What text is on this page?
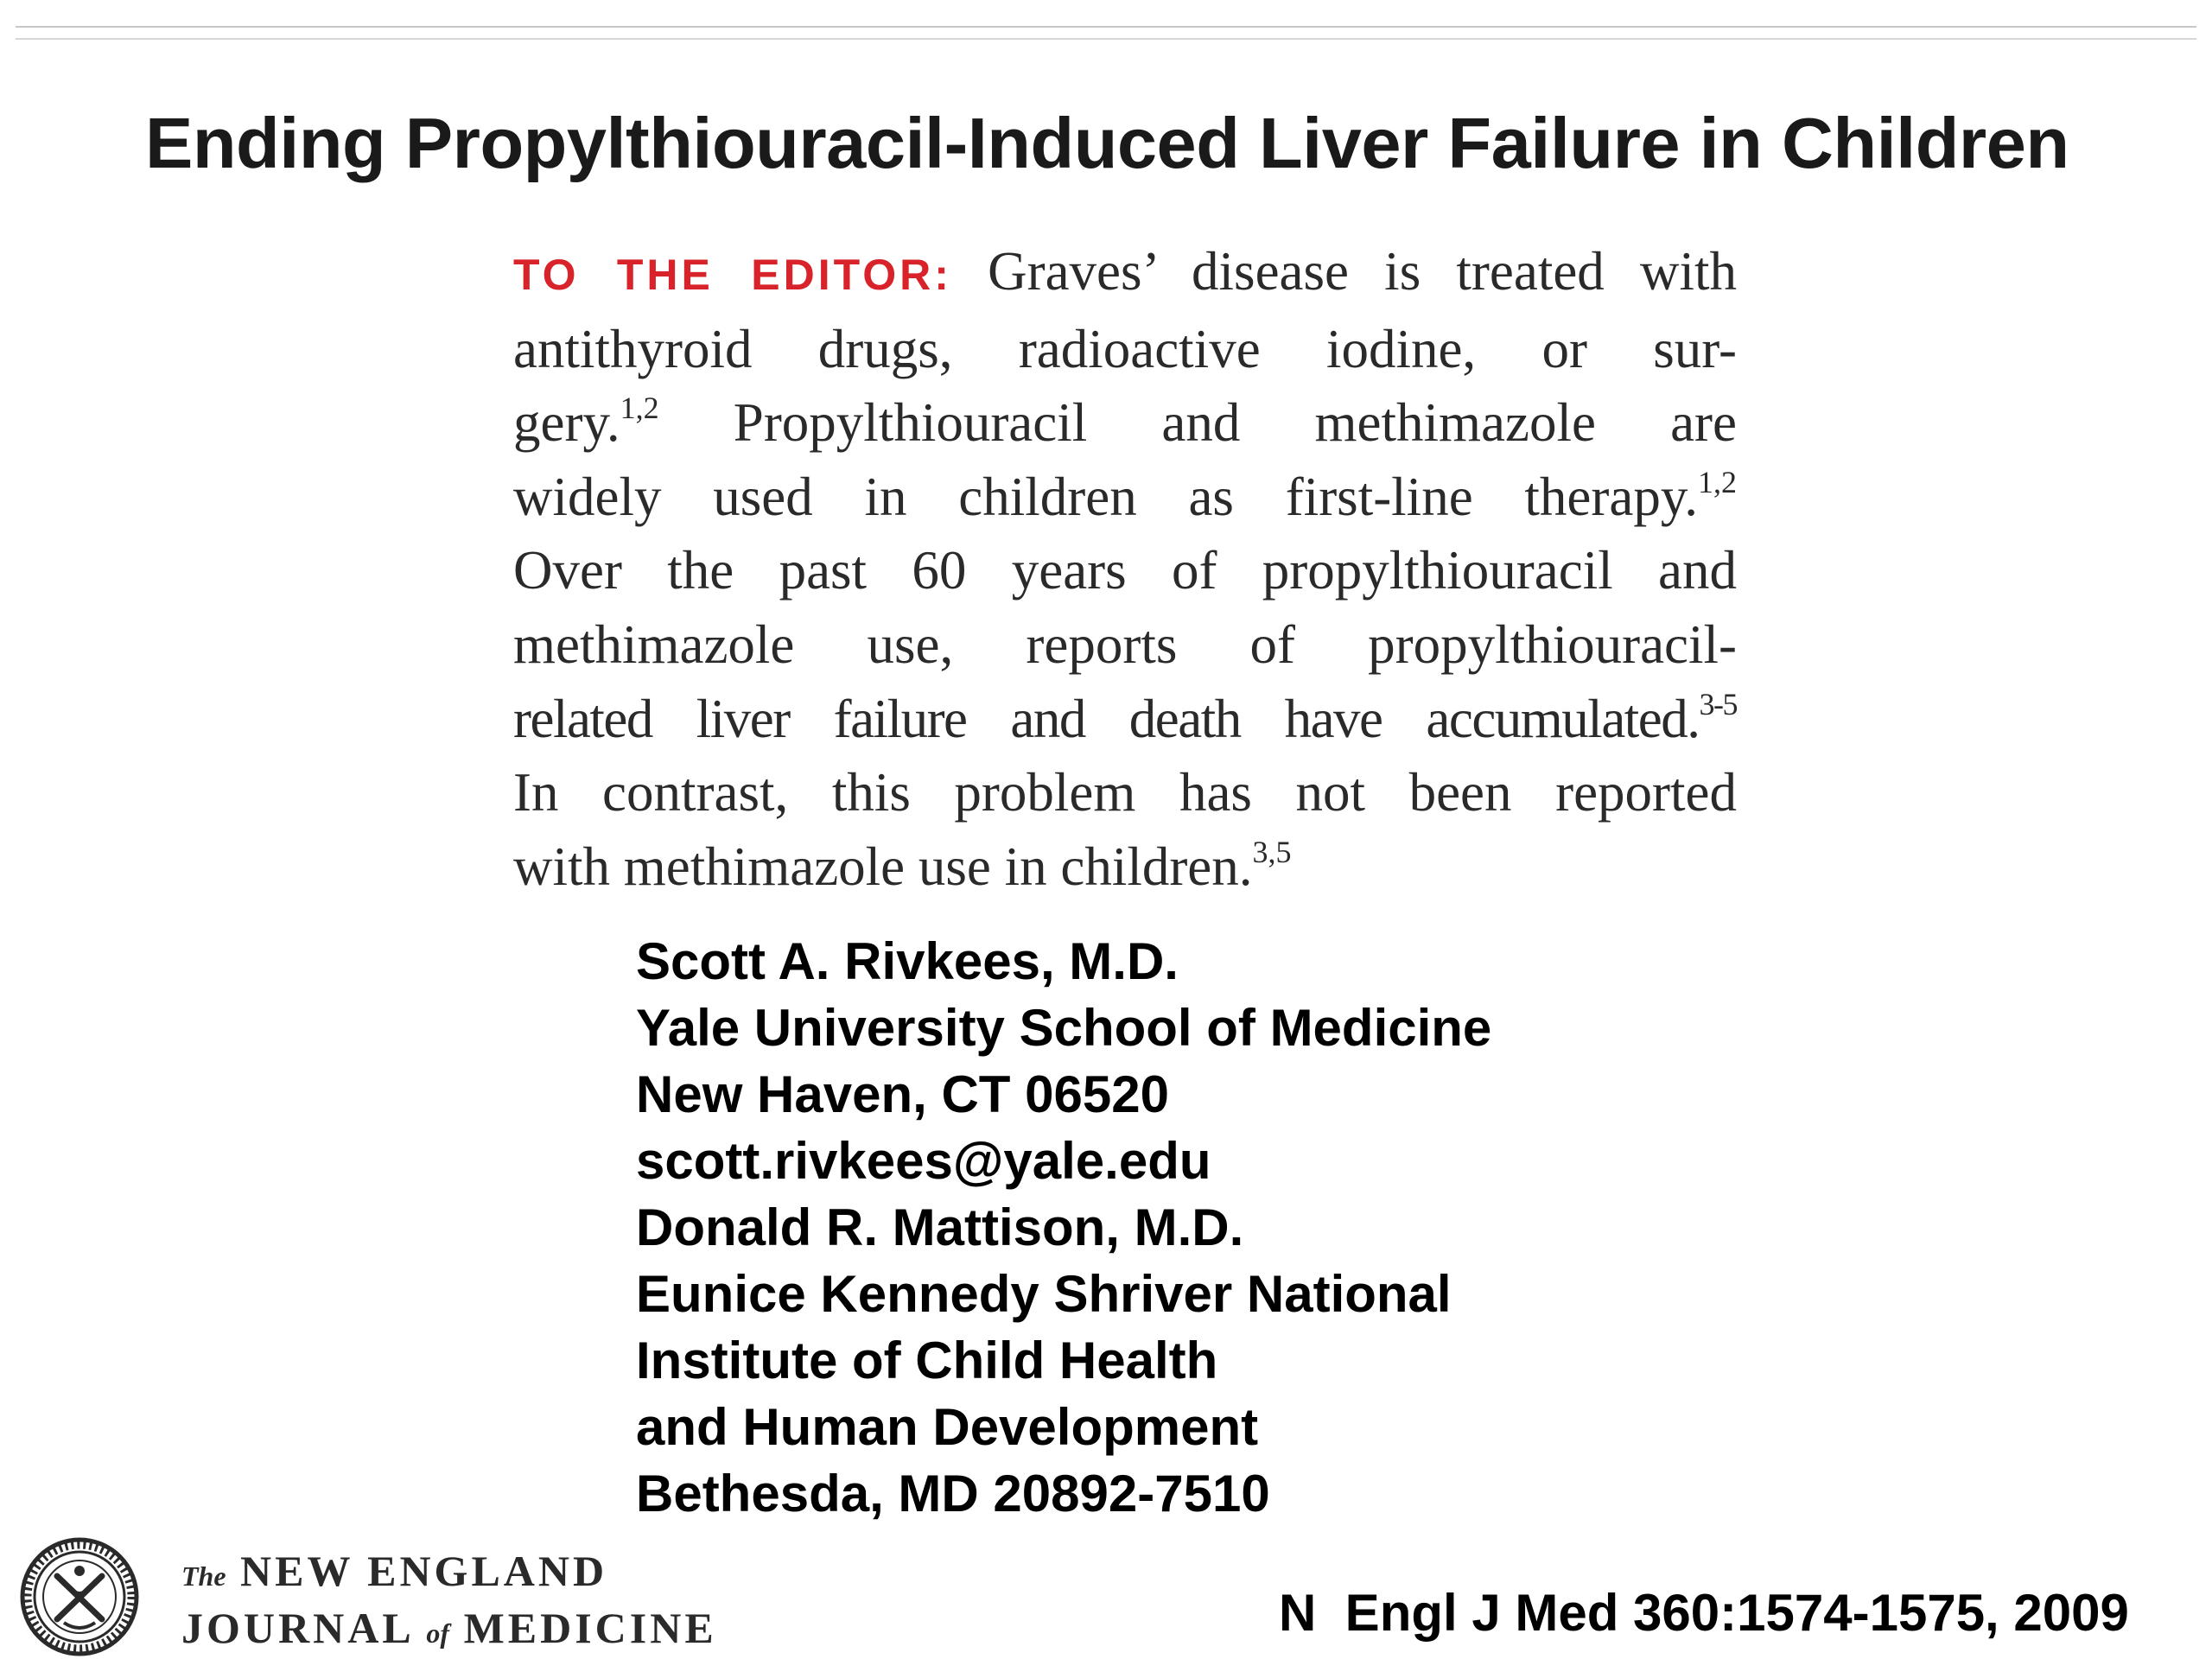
Ending Propylthiouracil-Induced Liver Failure in Children
TO THE EDITOR: Graves’ disease is treated with
antithyroid drugs, radioactive iodine, or sur-
gery.$^{1,2}$ Propylthiouracil and methimazole are
widely used in children as first-line therapy.$^{1,2}$
Over the past 60 years of propylthiouracil and
methimazole use, reports of propylthiouracil-
related liver failure and death have accumulated.$^{3-5}$
In contrast, this problem has not been reported
with methimazole use in children.$^{3,5}$
Scott A. Rivkees, M.D.
Yale University School of Medicine
New Haven, CT 06520
scott.rivkees@yale.edu
Donald R. Mattison, M.D.
Eunice Kennedy Shriver National
Institute of Child Health
and Human Development
Bethesda, MD 20892-7510
The NEW ENGLAND
JOURNAL of MEDICINE	N  Engl J Med 360:1574-1575, 2009
